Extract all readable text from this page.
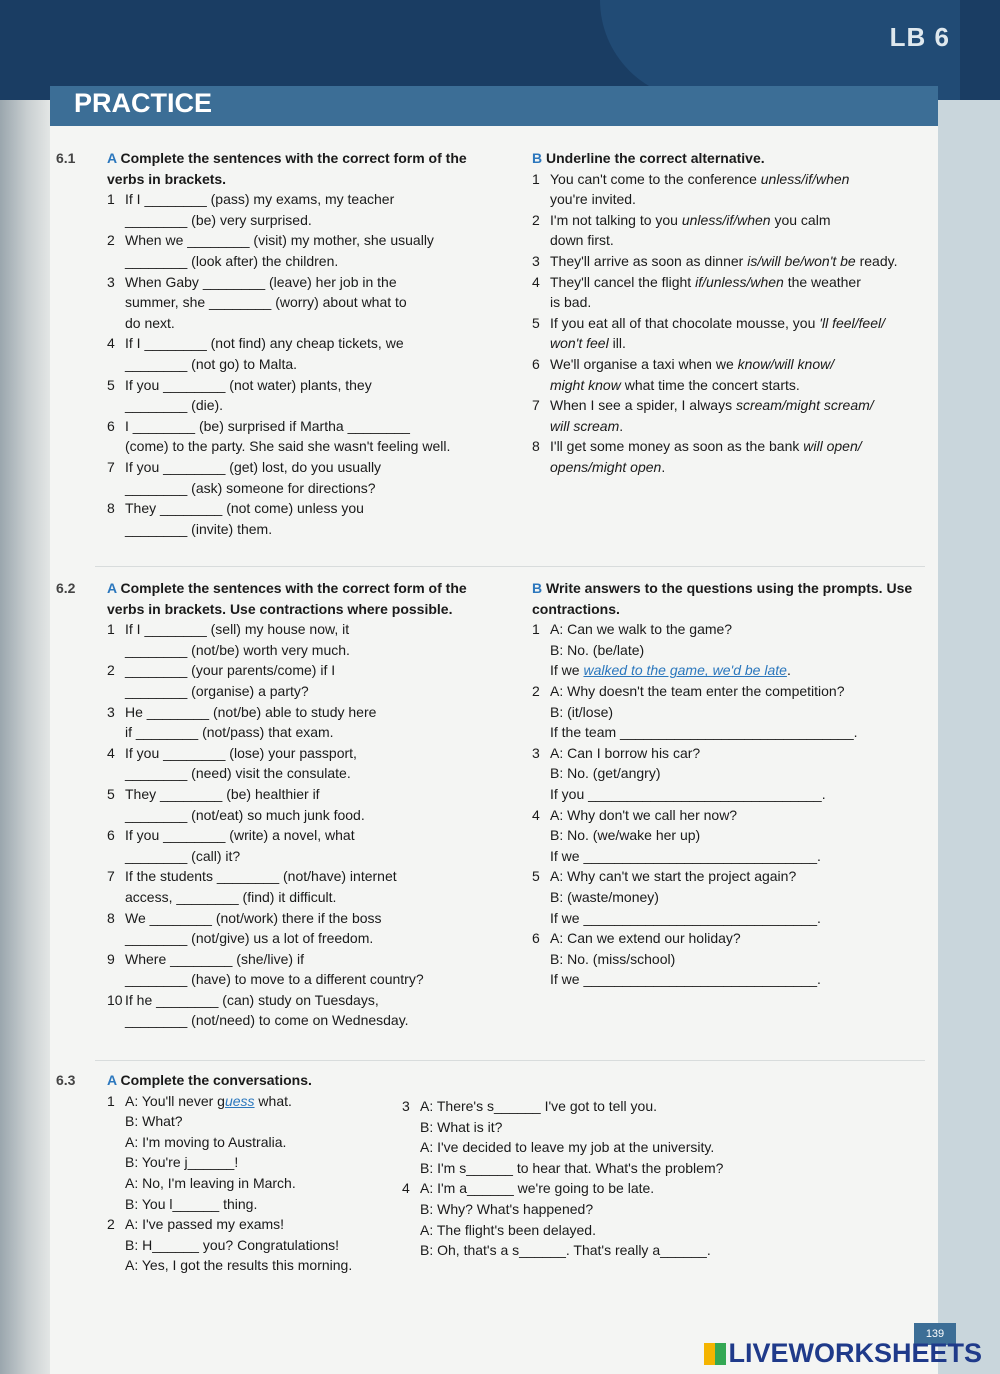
LB 6
PRACTICE
6.1 A Complete the sentences with the correct form of the verbs in brackets.

1 If I ________ (pass) my exams, my teacher

________ (be) very surprised.

2 When we ________ (visit) my mother, she usually

________ (look after) the children.

3 When Gaby ________ (leave) her job in the

summer, she ________ (worry) about what to

do next.

4 If I ________ (not find) any cheap tickets, we

________ (not go) to Malta.

5 If you ________ (not water) plants, they

________ (die).

6 I ________ (be) surprised if Martha ________

(come) to the party. She said she wasn't feeling well.

7 If you ________ (get) lost, do you usually

________ (ask) someone for directions?

8 They ________ (not come) unless you

________ (invite) them.

B Underline the correct alternative.

1 You can't come to the conference unless/if/when

you're invited.

2 I'm not talking to you unless/if/when you calm

down first.

3 They'll arrive as soon as dinner is/will be/won't be ready.

4 They'll cancel the flight if/unless/when the weather

is bad.

5 If you eat all of that chocolate mousse, you 'll feel/feel/

won't feel ill.

6 We'll organise a taxi when we know/will know/

might know what time the concert starts.

7 When I see a spider, I always scream/might scream/

will scream.

8 I'll get some money as soon as the bank will open/

opens/might open.

6.2 A Complete the sentences with the correct form of the verbs in brackets. Use contractions where possible.

1 If I ________ (sell) my house now, it

________ (not/be) worth very much.

2 ________ (your parents/come) if I

________ (organise) a party?

3 He ________ (not/be) able to study here

if ________ (not/pass) that exam.

4 If you ________ (lose) your passport,

________ (need) visit the consulate.

5 They ________ (be) healthier if

________ (not/eat) so much junk food.

6 If you ________ (write) a novel, what

________ (call) it?

7 If the students ________ (not/have) internet

access, ________ (find) it difficult.

8 We ________ (not/work) there if the boss

________ (not/give) us a lot of freedom.

9 Where ________ (she/live) if

________ (have) to move to a different country?

10 If he ________ (can) study on Tuesdays,

________ (not/need) to come on Wednesday.

B Write answers to the questions using the prompts. Use contractions.

1 A: Can we walk to the game?

B: No. (be/late)

If we walked to the game, we'd be late.

2 A: Why doesn't the team enter the competition?

B: (it/lose)

If the team ______________________________.

3 A: Can I borrow his car?

B: No. (get/angry)

If you ______________________________.

4 A: Why don't we call her now?

B: No. (we/wake her up)

If we ______________________________.

5 A: Why can't we start the project again?

B: (waste/money)

If we ______________________________.

6 A: Can we extend our holiday?

B: No. (miss/school)

If we ______________________________.

6.3 A Complete the conversations.

1 A: You'll never guess what.

B: What?

A: I'm moving to Australia.

B: You're j______!

A: No, I'm leaving in March.

B: You l______ thing.

2 A: I've passed my exams!

B: H______ you? Congratulations!

A: Yes, I got the results this morning.

3 A: There's s______ I've got to tell you.

B: What is it?

A: I've decided to leave my job at the university.

B: I'm s______ to hear that. What's the problem?

4 A: I'm a______ we're going to be late.

B: Why? What's happened?

A: The flight's been delayed.

B: Oh, that's a s______. That's really a______.

139
LIVEWORKSHEETS
